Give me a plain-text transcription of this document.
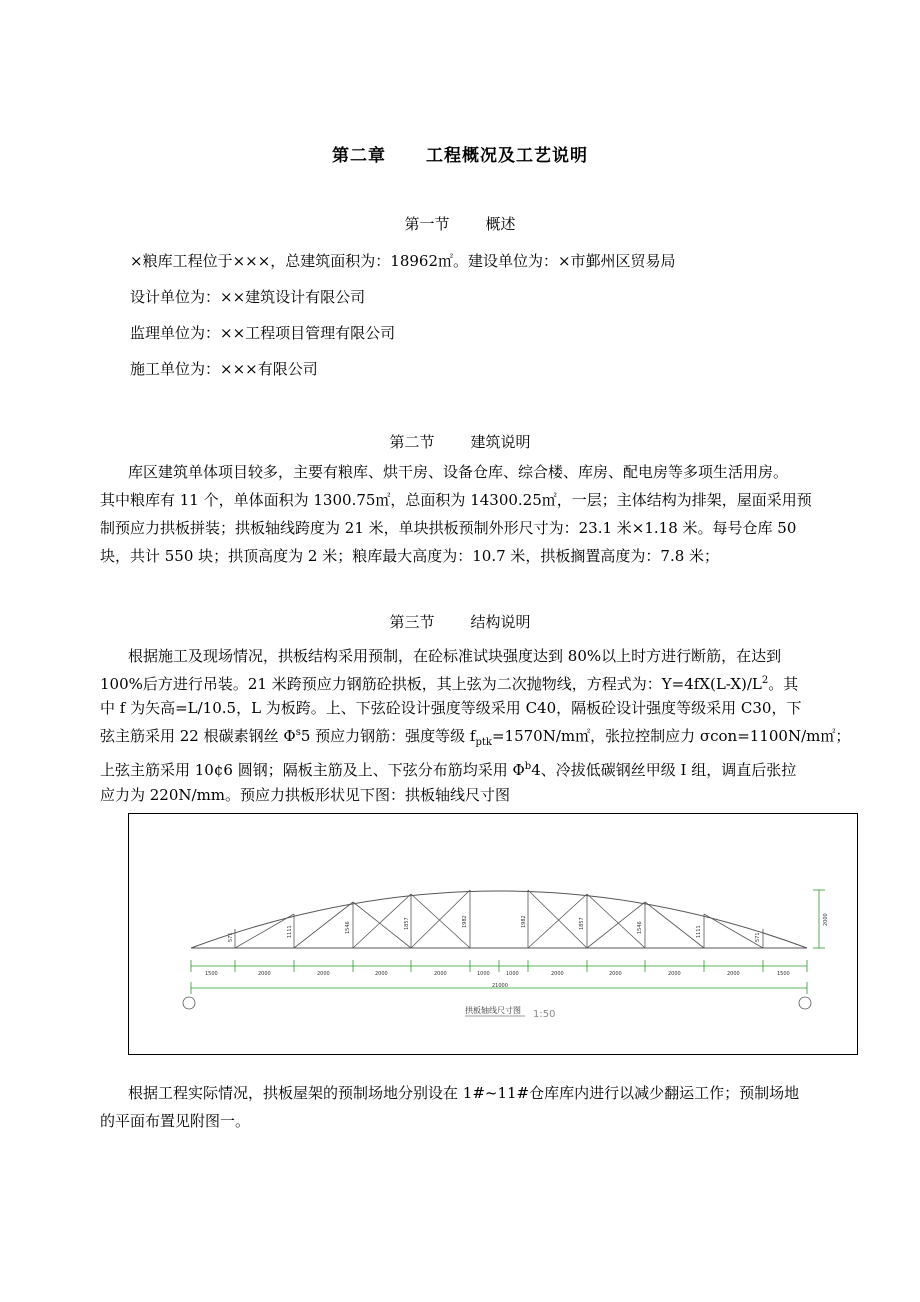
第二章 工程概况及工艺说明
第一节 概述
×粮库工程位于×××，总建筑面积为：18962㎡。建设单位为：×市鄞州区贸易局
设计单位为：××建筑设计有限公司
监理单位为：××工程项目管理有限公司
施工单位为：×××有限公司
第二节 建筑说明
库区建筑单体项目较多，主要有粮库、烘干房、设备仓库、综合楼、库房、配电房等多项生活用房。
其中粮库有 11 个，单体面积为 1300.75㎡，总面积为 14300.25㎡，一层；主体结构为排架，屋面采用预
制预应力拱板拼装；拱板轴线跨度为 21 米，单块拱板预制外形尺寸为：23.1 米×1.18 米。每号仓库 50
块，共计 550 块；拱顶高度为 2 米；粮库最大高度为：10.7 米，拱板搁置高度为：7.8 米；
第三节 结构说明
根据施工及现场情况，拱板结构采用预制，在砼标准试块强度达到 80%以上时方进行断筋，在达到
100%后方进行吊装。21 米跨预应力钢筋砼拱板，其上弦为二次抛物线，方程式为：$Y=4fX(L-X)/L^2$。其
中 f 为矢高=L/10.5，L 为板跨。上、下弦砼设计强度等级采用 C40，隔板砼设计强度等级采用 C30，下
弦主筋采用 22 根碳素钢丝 $\Phi^s5$ 预应力钢筋：强度等级 $f_{ptk}=1570N/m㎡$，张拉控制应力 σcon=1100N/m㎡；
上弦主筋采用 10¢6 圆钢；隔板主筋及上、下弦分布筋均采用 $\Phi^b4$、冷拔低碳钢丝甲级 I 组，调直后张拉
应力为 220N/mm。预应力拱板形状见下图：拱板轴线尺寸图
571	1111	1546	1857	1982	1982	1857	1546	1111	571
2000
1500	2000	2000	2000	2000	1000	1000	2000	2000	2000	2000	1500
21000
拱板轴线尺寸图 1:50
根据工程实际情况，拱板屋架的预制场地分别设在 1#~11#仓库库内进行以减少翻运工作；预制场地
的平面布置见附图一。
